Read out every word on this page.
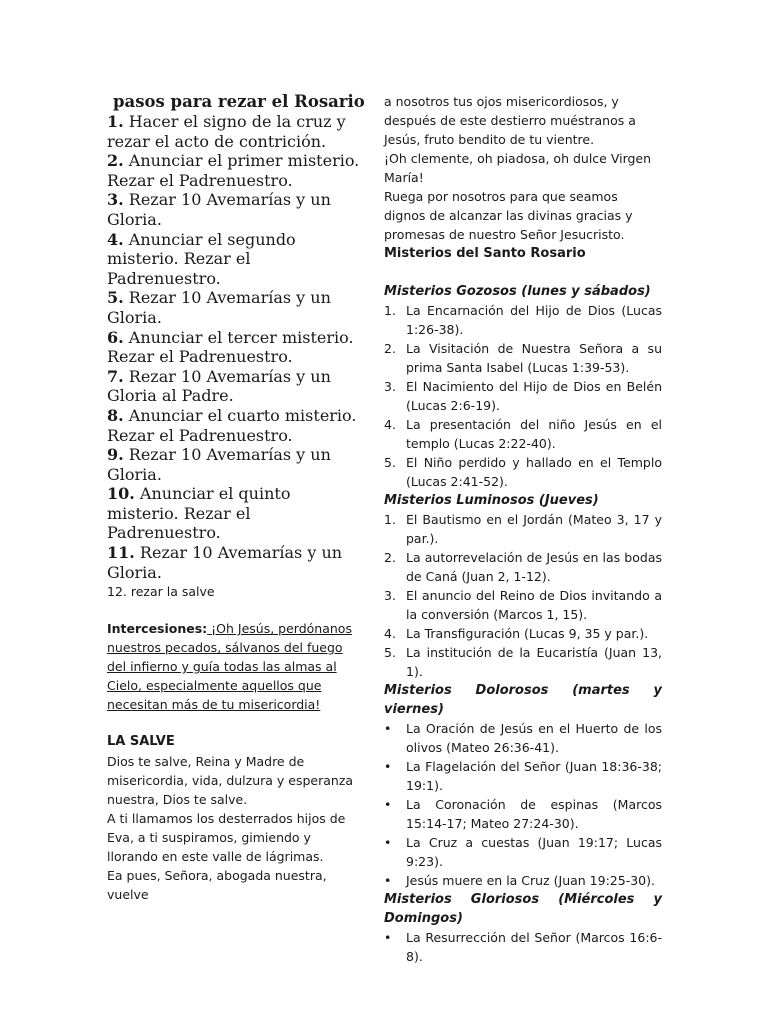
pasos para rezar el Rosario

1. Hacer el signo de la cruz y rezar el acto de contrición.

2. Anunciar el primer misterio. Rezar el Padrenuestro.

3. Rezar 10 Avemarías y un Gloria.

4. Anunciar el segundo misterio. Rezar el Padrenuestro.

5. Rezar 10 Avemarías y un Gloria.

6. Anunciar el tercer misterio. Rezar el Padrenuestro.

7. Rezar 10 Avemarías y un Gloria al Padre.

8. Anunciar el cuarto misterio. Rezar el Padrenuestro.

9. Rezar 10 Avemarías y un Gloria.

10. Anunciar el quinto misterio. Rezar el Padrenuestro.

11. Rezar 10 Avemarías y un Gloria.

12. rezar la salve

Intercesiones: ¡Oh Jesús, perdónanos nuestros pecados, sálvanos del fuego del infierno y guía todas las almas al Cielo, especialmente aquellos que necesitan más de tu misericordia!

LA SALVE

Dios te salve, Reina y Madre de misericordia, vida, dulzura y esperanza nuestra, Dios te salve.

A ti llamamos los desterrados hijos de Eva, a ti suspiramos, gimiendo y llorando en este valle de lágrimas.

Ea pues, Señora, abogada nuestra, vuelve

a nosotros tus ojos misericordiosos, y después de este destierro muéstranos a Jesús, fruto bendito de tu vientre.

¡Oh clemente, oh piadosa, oh dulce Virgen María!

Ruega por nosotros para que seamos dignos de alcanzar las divinas gracias y promesas de nuestro Señor Jesucristo.

Misterios del Santo Rosario

Misterios Gozosos (lunes y sábados)

1. La Encarnación del Hijo de Dios (Lucas 1:26-38).
2. La Visitación de Nuestra Señora a su prima Santa Isabel (Lucas 1:39-53).
3. El Nacimiento del Hijo de Dios en Belén (Lucas 2:6-19).
4. La presentación del niño Jesús en el templo (Lucas 2:22-40).
5. El Niño perdido y hallado en el Templo (Lucas 2:41-52).

Misterios Luminosos (Jueves)

1. El Bautismo en el Jordán (Mateo 3, 17 y par.).
2. La autorrevelación de Jesús en las bodas de Caná (Juan 2, 1-12).
3. El anuncio del Reino de Dios invitando a la conversión (Marcos 1, 15).
4. La Transfiguración (Lucas 9, 35 y par.).
5. La institución de la Eucaristía (Juan 13, 1).

Misterios Dolorosos (martes y viernes)

•	La Oración de Jesús en el Huerto de los olivos (Mateo 26:36-41).
•	La Flagelación del Señor (Juan 18:36-38; 19:1).
•	La Coronación de espinas (Marcos 15:14-17; Mateo 27:24-30).
•	La Cruz a cuestas (Juan 19:17; Lucas 9:23).
•	Jesús muere en la Cruz (Juan 19:25-30).

Misterios Gloriosos (Miércoles y Domingos)

•	La Resurrección del Señor (Marcos 16:6-8).
